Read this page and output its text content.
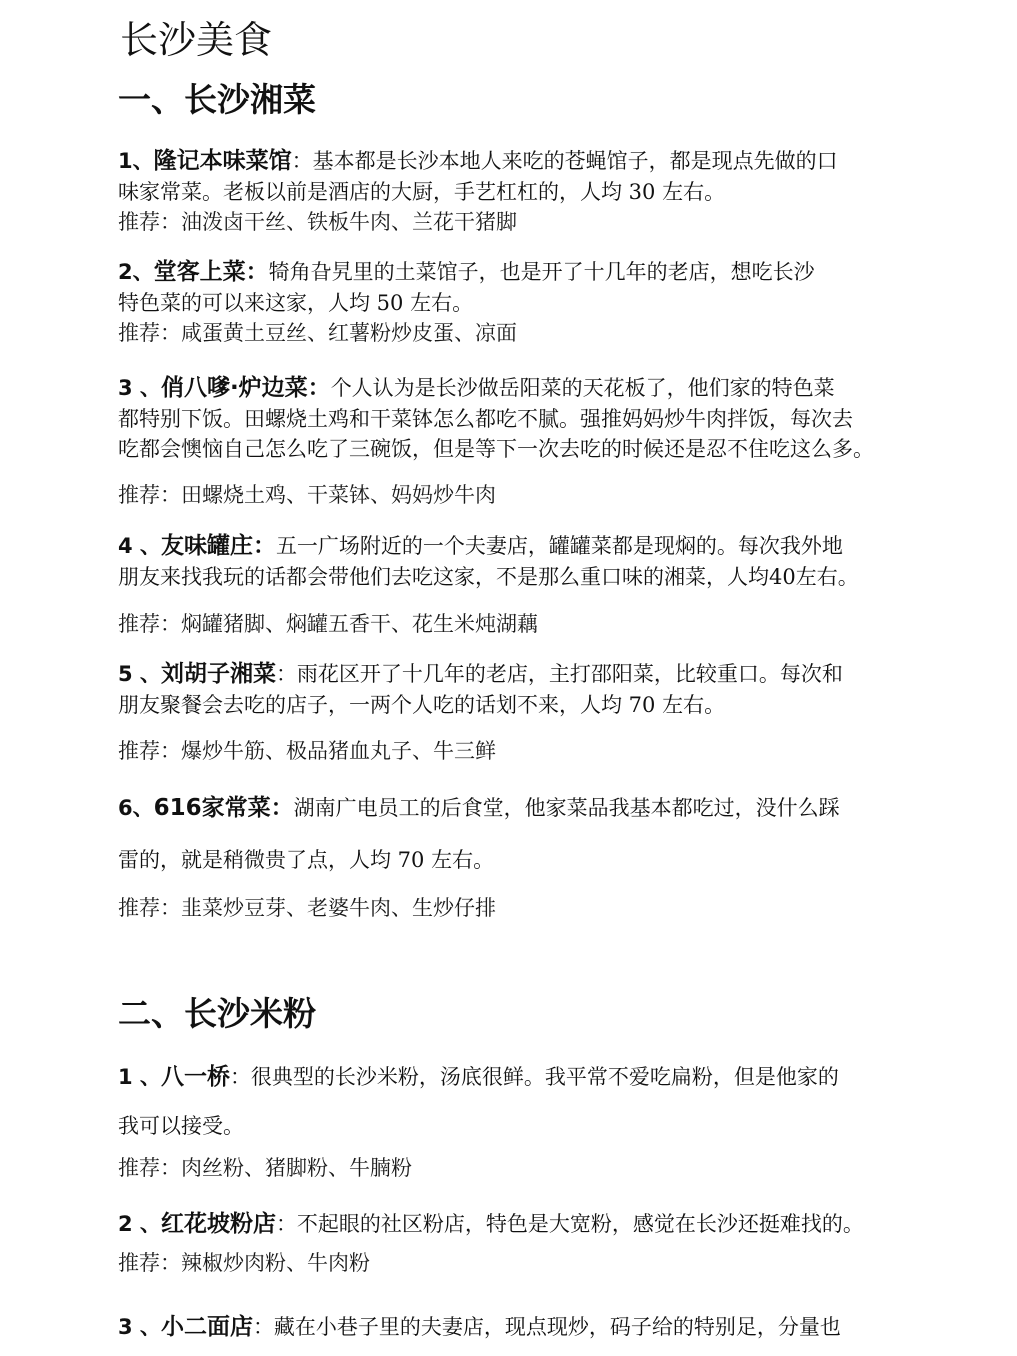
长沙美食
一、长沙湘菜
1、隆记本味菜馆：基本都是长沙本地人来吃的苍蝇馆子，都是现点先做的口
味家常菜。老板以前是酒店的大厨，手艺杠杠的，人均 30 左右。
推荐：油泼卤干丝、铁板牛肉、兰花干猪脚
2、堂客上菜：犄角旮旯里的土菜馆子，也是开了十几年的老店，想吃长沙
特色菜的可以来这家，人均 50 左右。
推荐：咸蛋黄土豆丝、红薯粉炒皮蛋、凉面
3 、俏八嗲·炉边菜：个人认为是长沙做岳阳菜的天花板了，他们家的特色菜
都特别下饭。田螺烧土鸡和干菜钵怎么都吃不腻。强推妈妈炒牛肉拌饭，每次去
吃都会懊恼自己怎么吃了三碗饭，但是等下一次去吃的时候还是忍不住吃这么多。
推荐：田螺烧土鸡、干菜钵、妈妈炒牛肉
4 、友味罐庄：五一广场附近的一个夫妻店，罐罐菜都是现焖的。每次我外地
朋友来找我玩的话都会带他们去吃这家，不是那么重口味的湘菜，人均40左右。
推荐：焖罐猪脚、焖罐五香干、花生米炖湖藕
5 、刘胡子湘菜：雨花区开了十几年的老店，主打邵阳菜，比较重口。每次和
朋友聚餐会去吃的店子，一两个人吃的话划不来，人均 70 左右。
推荐：爆炒牛筋、极品猪血丸子、牛三鲜
6、616家常菜：湖南广电员工的后食堂，他家菜品我基本都吃过，没什么踩
雷的，就是稍微贵了点，人均 70 左右。
推荐：韭菜炒豆芽、老婆牛肉、生炒仔排
二、长沙米粉
1 、八一桥：很典型的长沙米粉，汤底很鲜。我平常不爱吃扁粉，但是他家的
我可以接受。
推荐：肉丝粉、猪脚粉、牛腩粉
2 、红花坡粉店：不起眼的社区粉店，特色是大宽粉，感觉在长沙还挺难找的。
推荐：辣椒炒肉粉、牛肉粉
3 、小二面店：藏在小巷子里的夫妻店，现点现炒，码子给的特别足，分量也
